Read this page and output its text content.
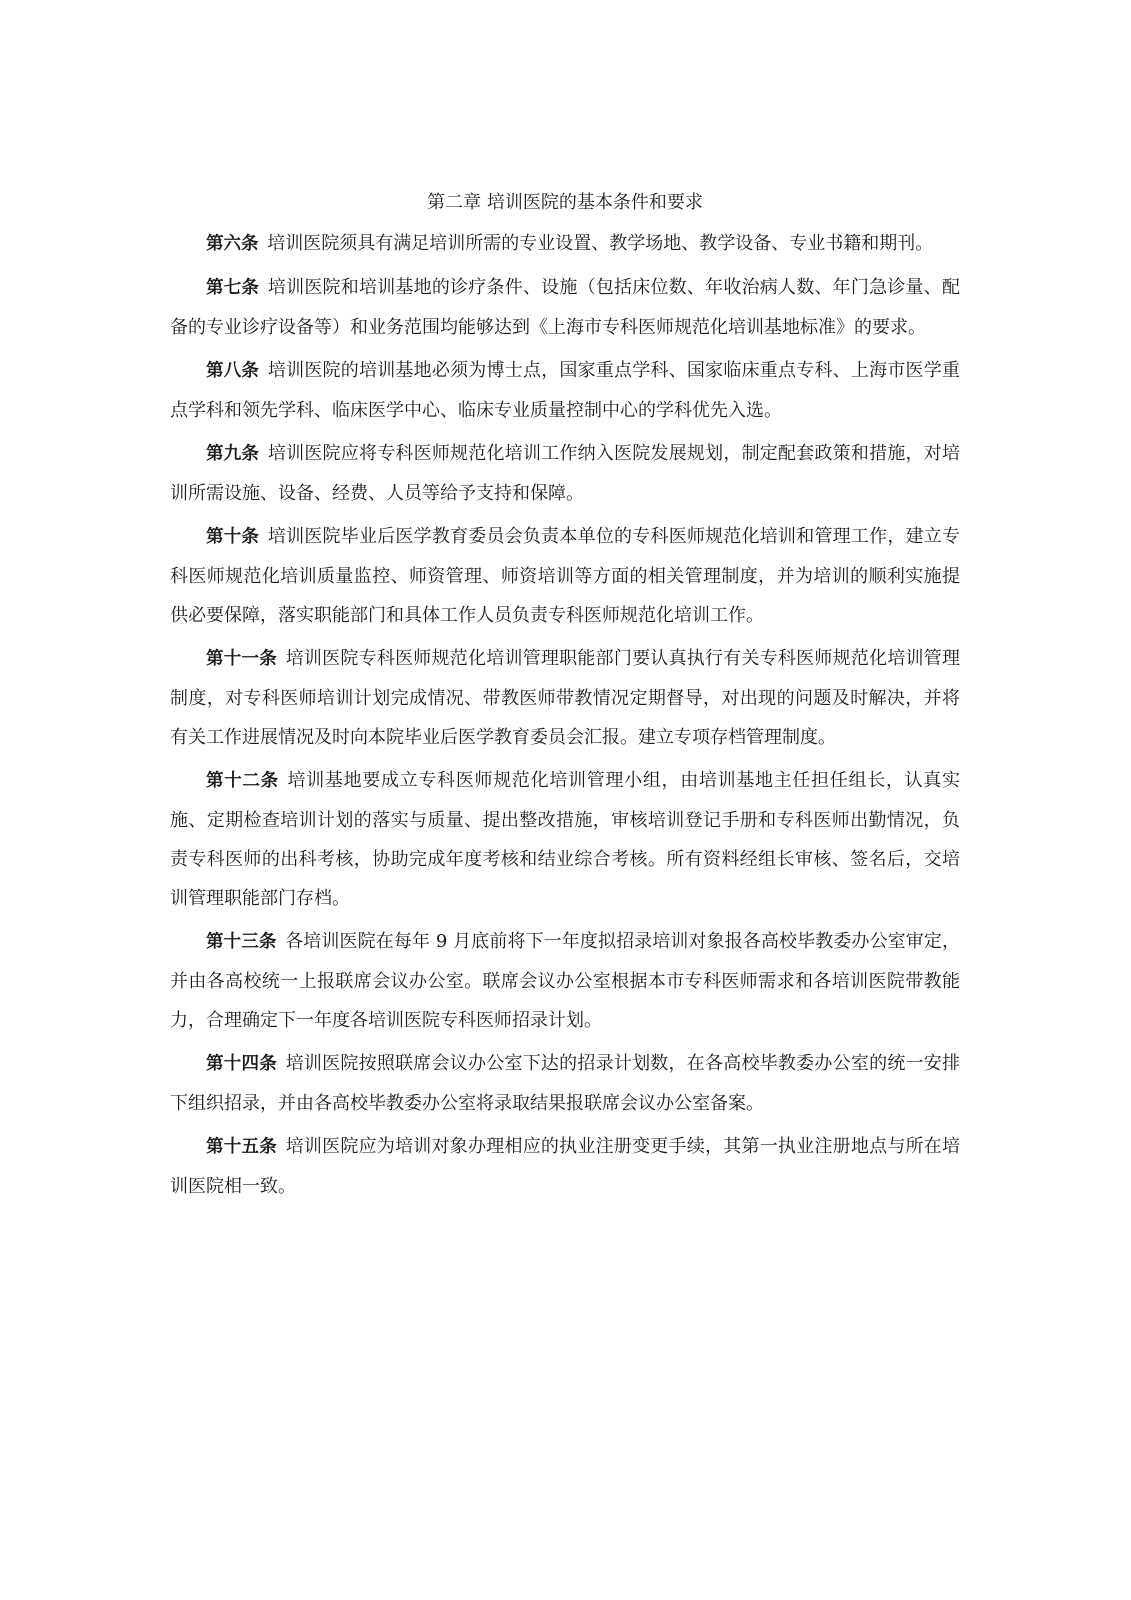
第二章 培训医院的基本条件和要求

第六条 培训医院须具有满足培训所需的专业设置、教学场地、教学设备、专业书籍和期刊。

第七条 培训医院和培训基地的诊疗条件、设施（包括床位数、年收治病人数、年门急诊量、配备的专业诊疗设备等）和业务范围均能够达到《上海市专科医师规范化培训基地标准》的要求。

第八条 培训医院的培训基地必须为博士点，国家重点学科、国家临床重点专科、上海市医学重点学科和领先学科、临床医学中心、临床专业质量控制中心的学科优先入选。

第九条 培训医院应将专科医师规范化培训工作纳入医院发展规划，制定配套政策和措施，对培训所需设施、设备、经费、人员等给予支持和保障。

第十条 培训医院毕业后医学教育委员会负责本单位的专科医师规范化培训和管理工作，建立专科医师规范化培训质量监控、师资管理、师资培训等方面的相关管理制度，并为培训的顺利实施提供必要保障，落实职能部门和具体工作人员负责专科医师规范化培训工作。

第十一条 培训医院专科医师规范化培训管理职能部门要认真执行有关专科医师规范化培训管理制度，对专科医师培训计划完成情况、带教医师带教情况定期督导，对出现的问题及时解决，并将有关工作进展情况及时向本院毕业后医学教育委员会汇报。建立专项存档管理制度。

第十二条 培训基地要成立专科医师规范化培训管理小组，由培训基地主任担任组长，认真实施、定期检查培训计划的落实与质量、提出整改措施，审核培训登记手册和专科医师出勤情况，负责专科医师的出科考核，协助完成年度考核和结业综合考核。所有资料经组长审核、签名后，交培训管理职能部门存档。

第十三条 各培训医院在每年 9 月底前将下一年度拟招录培训对象报各高校毕教委办公室审定，并由各高校统一上报联席会议办公室。联席会议办公室根据本市专科医师需求和各培训医院带教能力，合理确定下一年度各培训医院专科医师招录计划。

第十四条 培训医院按照联席会议办公室下达的招录计划数，在各高校毕教委办公室的统一安排下组织招录，并由各高校毕教委办公室将录取结果报联席会议办公室备案。

第十五条 培训医院应为培训对象办理相应的执业注册变更手续，其第一执业注册地点与所在培训医院相一致。
